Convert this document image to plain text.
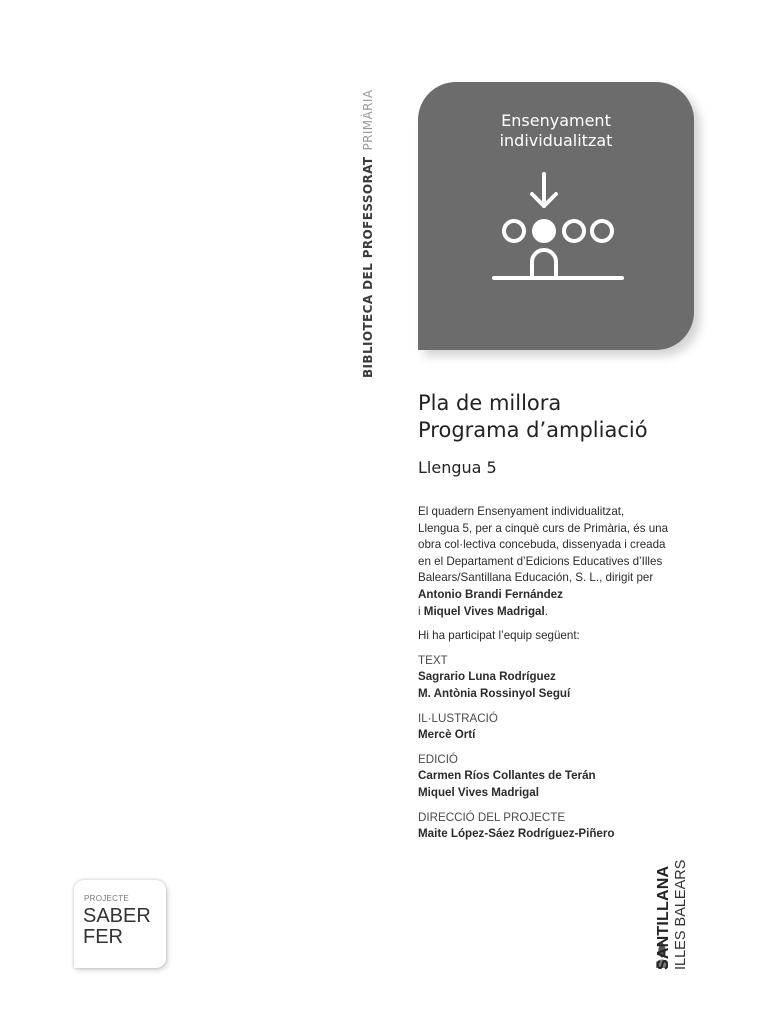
BIBLIOTECA DEL PROFESSORATPRIMÀRIA	Ensenyament
individualitzat
Pla de millora
Programa d’ampliació
Llengua 5

El quadern Ensenyament individualitzat,

Llengua 5, per a cinquè curs de Primària, és una

obra col·lectiva concebuda, dissenyada i creada

en el Departament d’Edicions Educatives d’Illes

Balears/Santillana Educación, S. L., dirigit per

Antonio Brandi Fernández

i Miquel Vives Madrigal.

Hi ha participat l’equip següent:

TEXT

Sagrario Luna Rodríguez

M. Antònia Rossinyol Seguí

IL·LUSTRACIÓ

Mercè Ortí

EDICIÓ

Carmen Ríos Collantes de Terán

Miquel Vives Madrigal

DIRECCIÓ DEL PROJECTE

Maite López-Sáez Rodríguez-Piñero

PROJECTE
SABER
FER	SANTILLANA ILLES BALEARS
